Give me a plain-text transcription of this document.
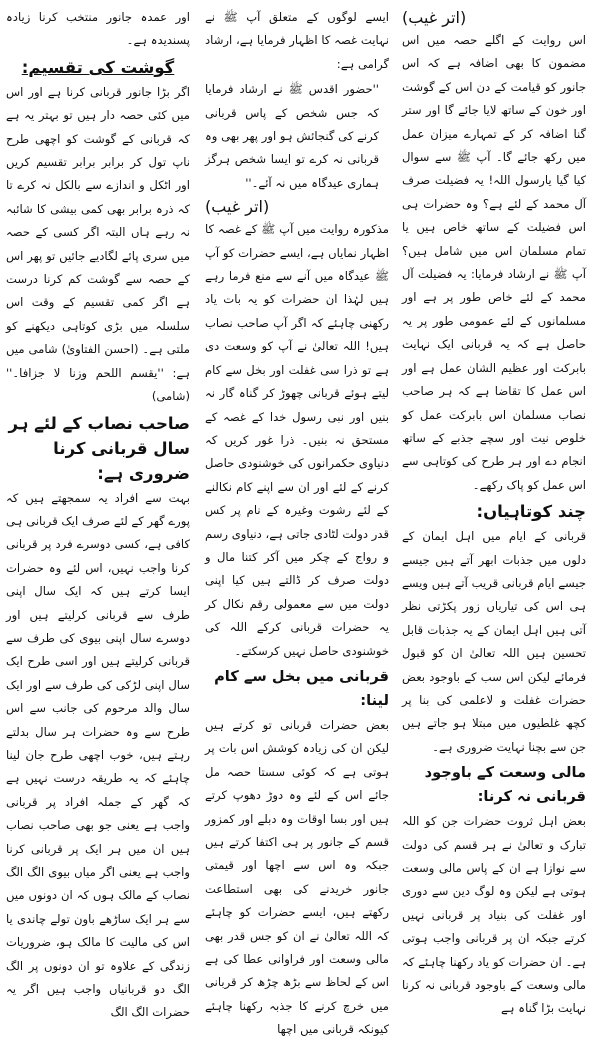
(اتر غیب)

اس روایت کے اگلے حصہ میں اس مضمون کا بھی اضافہ ہے کہ اس جانور کو قیامت کے دن اس کے گوشت اور خون کے ساتھ لایا جائے گا اور ستر گنا اضافہ کر کے تمہارے میزان عمل میں رکھ جائے گا۔ آپ ﷺ سے سوال کیا گیا یارسول اللہ! یہ فضیلت صرف آل محمد کے لئے ہے؟ وہ حضرات ہی اس فضیلت کے ساتھ خاص ہیں یا تمام مسلمان اس میں شامل ہیں؟ آپ ﷺ نے ارشاد فرمایا: یہ فضیلت آل محمد کے لئے خاص طور پر ہے اور مسلمانوں کے لئے عمومی طور پر یہ حاصل ہے کہ یہ قربانی ایک نہایت بابرکت اور عظیم الشان عمل ہے اور اس عمل کا تقاضا ہے کہ ہر صاحب نصاب مسلمان اس بابرکت عمل کو خلوص نیت اور سچے جذبے کے ساتھ انجام دے اور ہر طرح کی کوتاہی سے اس عمل کو پاک رکھے۔

چند کوتاہیاں:

قربانی کے ایام میں اہل ایمان کے دلوں میں جذبات ابھر آتے ہیں جیسے جیسے ایام قربانی قریب آتے ہیں ویسے ہی اس کی تیاریاں زور پکڑتی نظر آتی ہیں اہل ایمان کے یہ جذبات قابل تحسین ہیں اللہ تعالیٰ ان کو قبول فرمائے لیکن اس سب کے باوجود بعض حضرات غفلت و لاعلمی کی بنا پر کچھ غلطیوں میں مبتلا ہو جاتے ہیں جن سے بچنا نہایت ضروری ہے۔

مالی وسعت کے باوجود قربانی نہ کرنا:

بعض اہل ثروت حضرات جن کو اللہ تبارک و تعالیٰ نے ہر قسم کی دولت سے نوازا ہے ان کے پاس مالی وسعت ہوتی ہے لیکن وہ لوگ دین سے دوری اور غفلت کی بنیاد پر قربانی نہیں کرتے جبکہ ان پر قربانی واجب ہوتی ہے۔ ان حضرات کو یاد رکھنا چاہئے کہ مالی وسعت کے باوجود قربانی نہ کرنا نہایت بڑا گناہ ہے

ایسے لوگوں کے متعلق آپ ﷺ نے نہایت غصہ کا اظہار فرمایا ہے، ارشاد گرامی ہے:

''حضور اقدس ﷺ نے ارشاد فرمایا کہ جس شخص کے پاس قربانی کرنے کی گنجائش ہو اور پھر بھی وہ قربانی نہ کرے تو ایسا شخص ہرگز ہماری عیدگاہ میں نہ آئے۔''

(اتر غیب)

مذکورہ روایت میں آپ ﷺ کے غصہ کا اظہار نمایاں ہے، ایسے حضرات کو آپ ﷺ عیدگاہ میں آنے سے منع فرما رہے ہیں لہٰذا ان حضرات کو یہ بات یاد رکھنی چاہئے کہ اگر آپ صاحب نصاب ہیں! اللہ تعالیٰ نے آپ کو وسعت دی ہے تو ذرا سی غفلت اور بخل سے کام لیتے ہوئے قربانی چھوڑ کر گناہ گار نہ بنیں اور نبی رسول خدا کے غصہ کے مستحق نہ بنیں۔ ذرا غور کریں کہ دنیاوی حکمرانوں کی خوشنودی حاصل کرنے کے لئے اور ان سے اپنے کام نکالنے کے لئے رشوت وغیرہ کے نام پر کس قدر دولت لٹادی جاتی ہے، دنیاوی رسم و رواج کے چکر میں آکر کتنا مال و دولت صرف کر ڈالتے ہیں کیا اپنی دولت میں سے معمولی رقم نکال کر یہ حضرات قربانی کرکے اللہ کی خوشنودی حاصل نہیں کرسکتے۔

قربانی میں بخل سے کام لینا:

بعض حضرات قربانی تو کرتے ہیں لیکن ان کی زیادہ کوشش اس بات پر ہوتی ہے کہ کوئی سستا حصہ مل جائے اس کے لئے وہ دوڑ دھوپ کرتے ہیں اور بسا اوقات وہ دبلے اور کمزور قسم کے جانور پر ہی اکتفا کرتے ہیں جبکہ وہ اس سے اچھا اور قیمتی جانور خریدنے کی بھی استطاعت رکھتے ہیں، ایسے حضرات کو چاہئے کہ اللہ تعالیٰ نے ان کو جس قدر بھی مالی وسعت اور فراوانی عطا کی ہے اس کے لحاظ سے بڑھ چڑھ کر قربانی میں خرچ کرنے کا جذبہ رکھنا چاہئے کیونکہ قربانی میں اچھا

اور عمدہ جانور منتخب کرنا زیادہ پسندیدہ ہے۔

گوشت کی تقسیم:

اگر بڑا جانور قربانی کرنا ہے اور اس میں کئی حصہ دار ہیں تو بہتر یہ ہے کہ قربانی کے گوشت کو اچھی طرح ناپ تول کر برابر برابر تقسیم کریں اور اٹکل و اندازے سے بالکل نہ کرے تا کہ ذرہ برابر بھی کمی بیشی کا شائبہ نہ رہے ہاں البتہ اگر کسی کے حصہ میں سری پائے لگادیے جائیں تو پھر اس کے حصہ سے گوشت کم کرنا درست ہے اگر کمی تقسیم کے وقت اس سلسلہ میں بڑی کوتاہی دیکھنے کو ملتی ہے۔ (احسن الفتاویٰ) شامی میں ہے: ''یقسم اللحم وزنا لا جزافا۔'' (شامی)

صاحب نصاب کے لئے ہر سال قربانی کرنا ضروری ہے:

بہت سے افراد یہ سمجھتے ہیں کہ پورے گھر کے لئے صرف ایک قربانی ہی کافی ہے، کسی دوسرے فرد پر قربانی کرنا واجب نہیں، اس لئے وہ حضرات ایسا کرتے ہیں کہ ایک سال اپنی طرف سے قربانی کرلیتے ہیں اور دوسرے سال اپنی بیوی کی طرف سے قربانی کرلیتے ہیں اور اسی طرح ایک سال اپنی لڑکی کی طرف سے اور ایک سال والد مرحوم کی جانب سے اس طرح سے وہ حضرات ہر سال بدلتے رہتے ہیں، خوب اچھی طرح جان لینا چاہئے کہ یہ طریقہ درست نہیں ہے کہ گھر کے جملہ افراد پر قربانی واجب ہے یعنی جو بھی صاحب نصاب ہیں ان میں ہر ایک پر قربانی کرنا واجب ہے یعنی اگر میاں بیوی الگ الگ نصاب کے مالک ہوں کہ ان دونوں میں سے ہر ایک ساڑھے باون تولے چاندی یا اس کی مالیت کا مالک ہو، ضروریات زندگی کے علاوہ تو ان دونوں پر الگ الگ دو قربانیاں واجب ہیں اگر یہ حضرات الگ الگ
